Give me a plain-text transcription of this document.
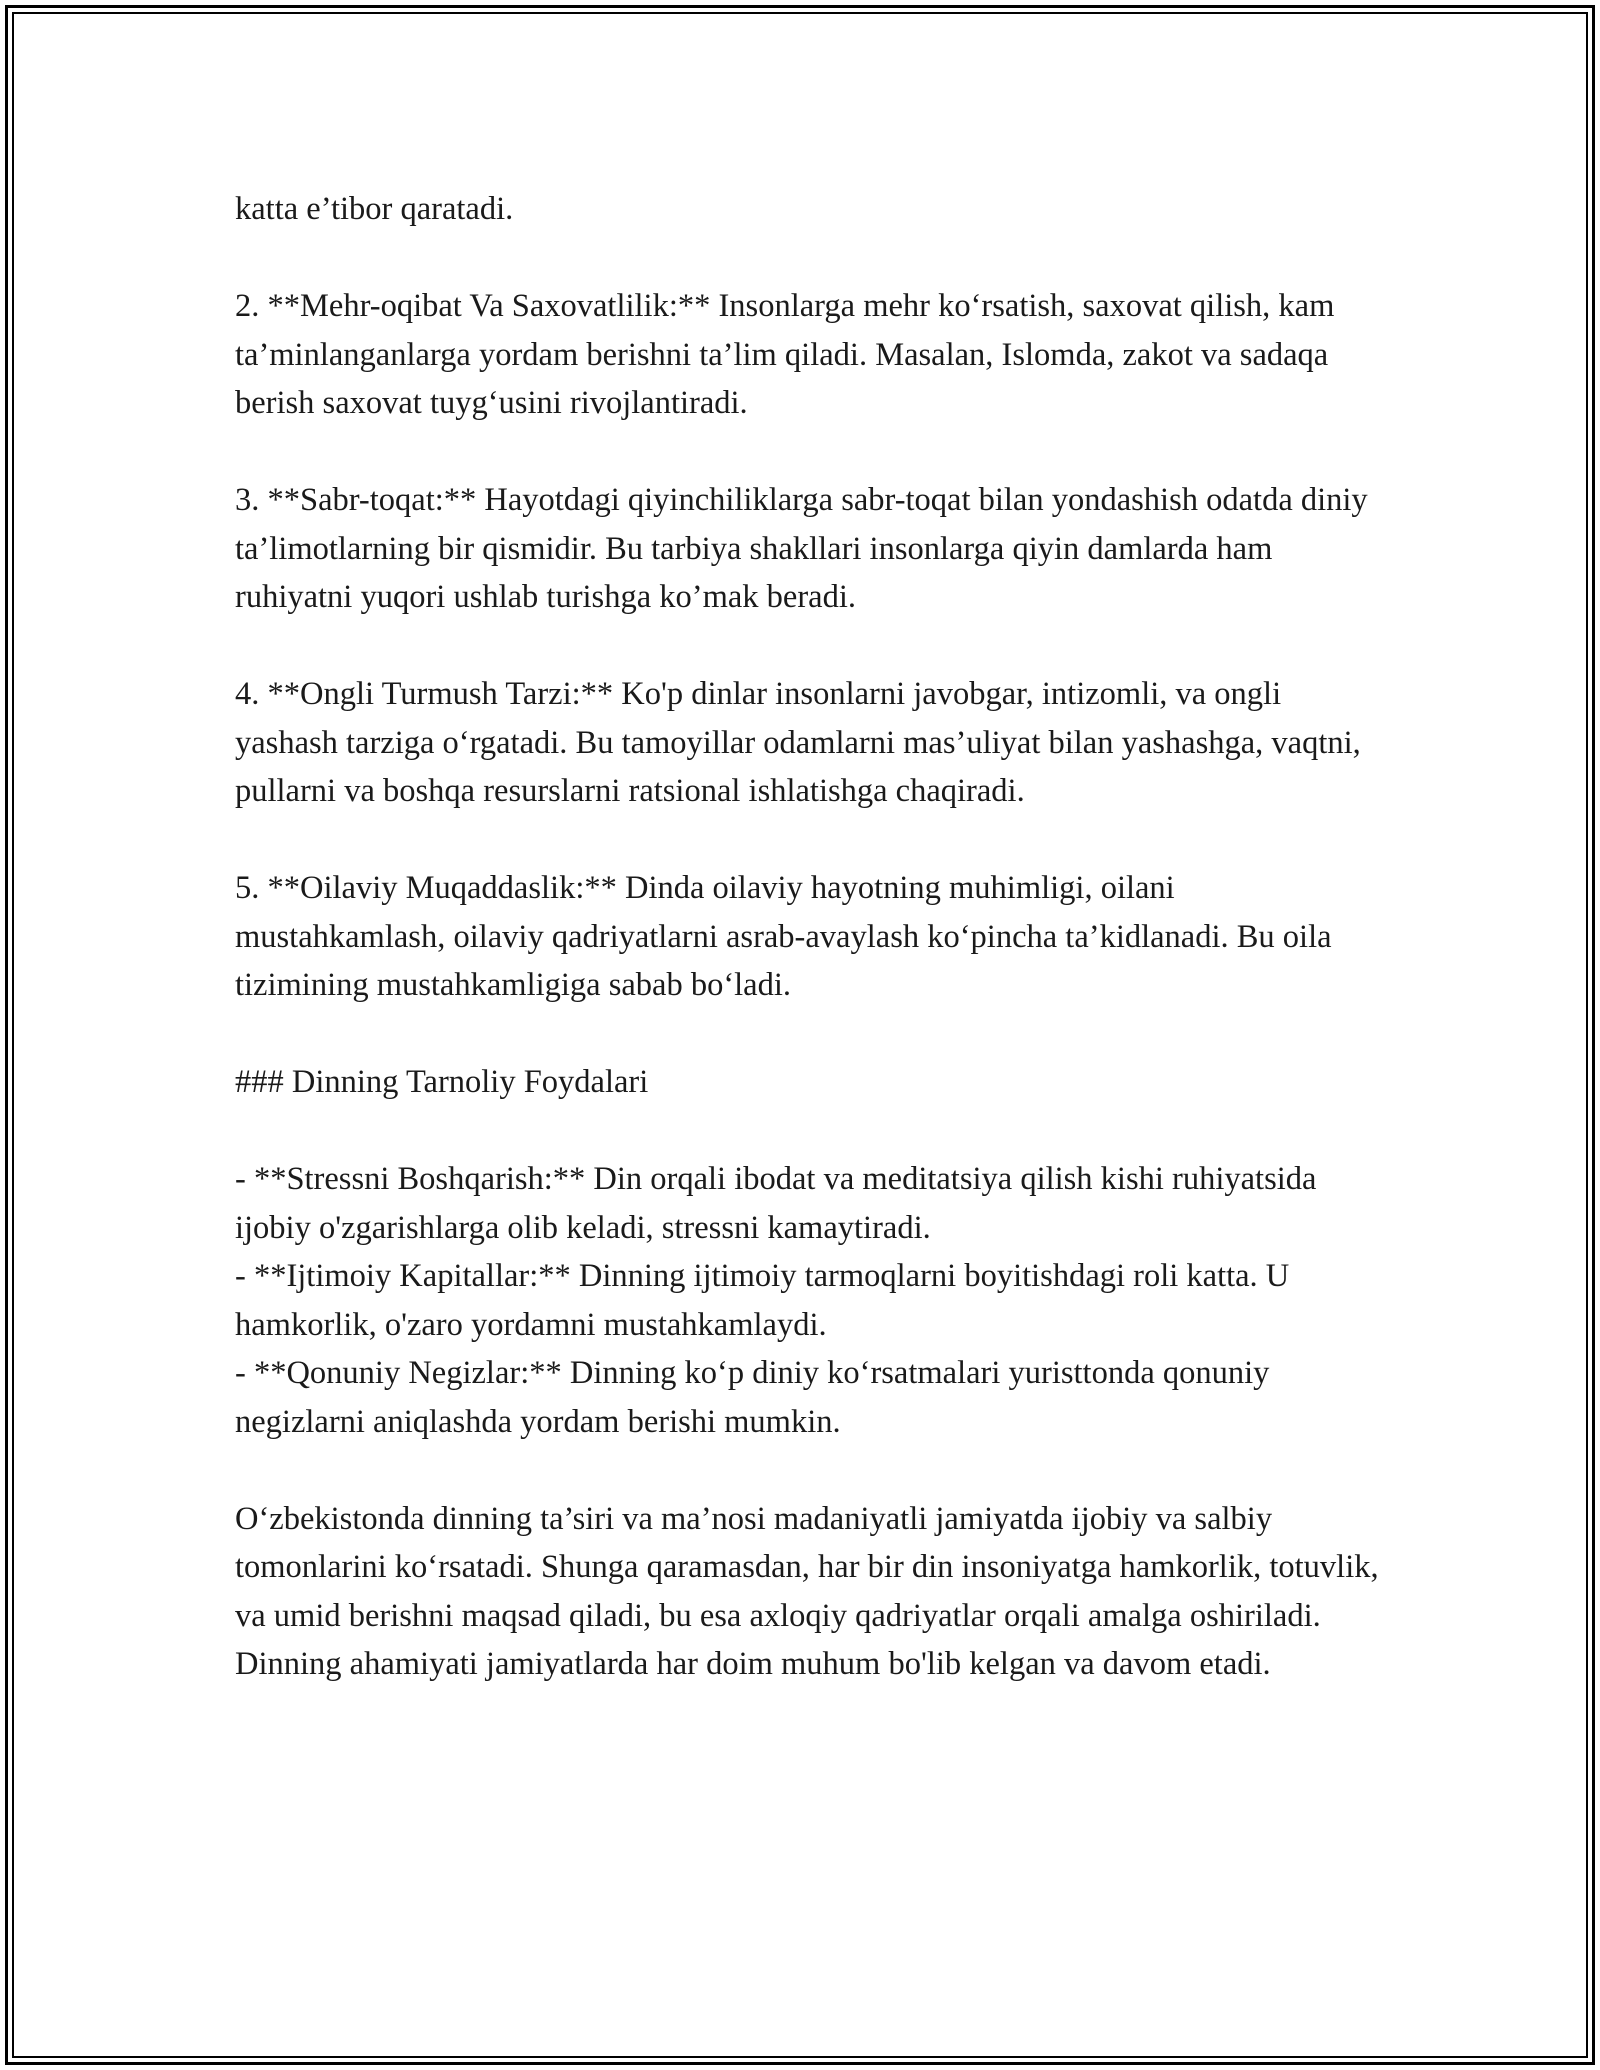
katta e’tibor qaratadi.

2. **Mehr-oqibat Va Saxovatlilik:** Insonlarga mehr koʻrsatish, saxovat qilish, kam ta’minlanganlarga yordam berishni ta’lim qiladi. Masalan, Islomda, zakot va sadaqa berish saxovat tuygʻusini rivojlantiradi.

3. **Sabr-toqat:** Hayotdagi qiyinchiliklarga sabr-toqat bilan yondashish odatda diniy ta’limotlarning bir qismidir. Bu tarbiya shakllari insonlarga qiyin damlarda ham ruhiyatni yuqori ushlab turishga ko’mak beradi.

4. **Ongli Turmush Tarzi:** Ko'p dinlar insonlarni javobgar, intizomli, va ongli yashash tarziga oʻrgatadi. Bu tamoyillar odamlarni mas’uliyat bilan yashashga, vaqtni, pullarni va boshqa resurslarni ratsional ishlatishga chaqiradi.

5. **Oilaviy Muqaddaslik:** Dinda oilaviy hayotning muhimligi, oilani mustahkamlash, oilaviy qadriyatlarni asrab-avaylash koʻpincha ta’kidlanadi. Bu oila tizimining mustahkamligiga sabab boʻladi.

### Dinning Tarnoliy Foydalari

- **Stressni Boshqarish:** Din orqali ibodat va meditatsiya qilish kishi ruhiyatsida ijobiy o'zgarishlarga olib keladi, stressni kamaytiradi.

- **Ijtimoiy Kapitallar:** Dinning ijtimoiy tarmoqlarni boyitishdagi roli katta. U hamkorlik, o'zaro yordamni mustahkamlaydi.

- **Qonuniy Negizlar:** Dinning koʻp diniy koʻrsatmalari yuristtonda qonuniy negizlarni aniqlashda yordam berishi mumkin.

Oʻzbekistonda dinning ta’siri va ma’nosi madaniyatli jamiyatda ijobiy va salbiy tomonlarini koʻrsatadi. Shunga qaramasdan, har bir din insoniyatga hamkorlik, totuvlik, va umid berishni maqsad qiladi, bu esa axloqiy qadriyatlar orqali amalga oshiriladi. Dinning ahamiyati jamiyatlarda har doim muhum bo'lib kelgan va davom etadi.
